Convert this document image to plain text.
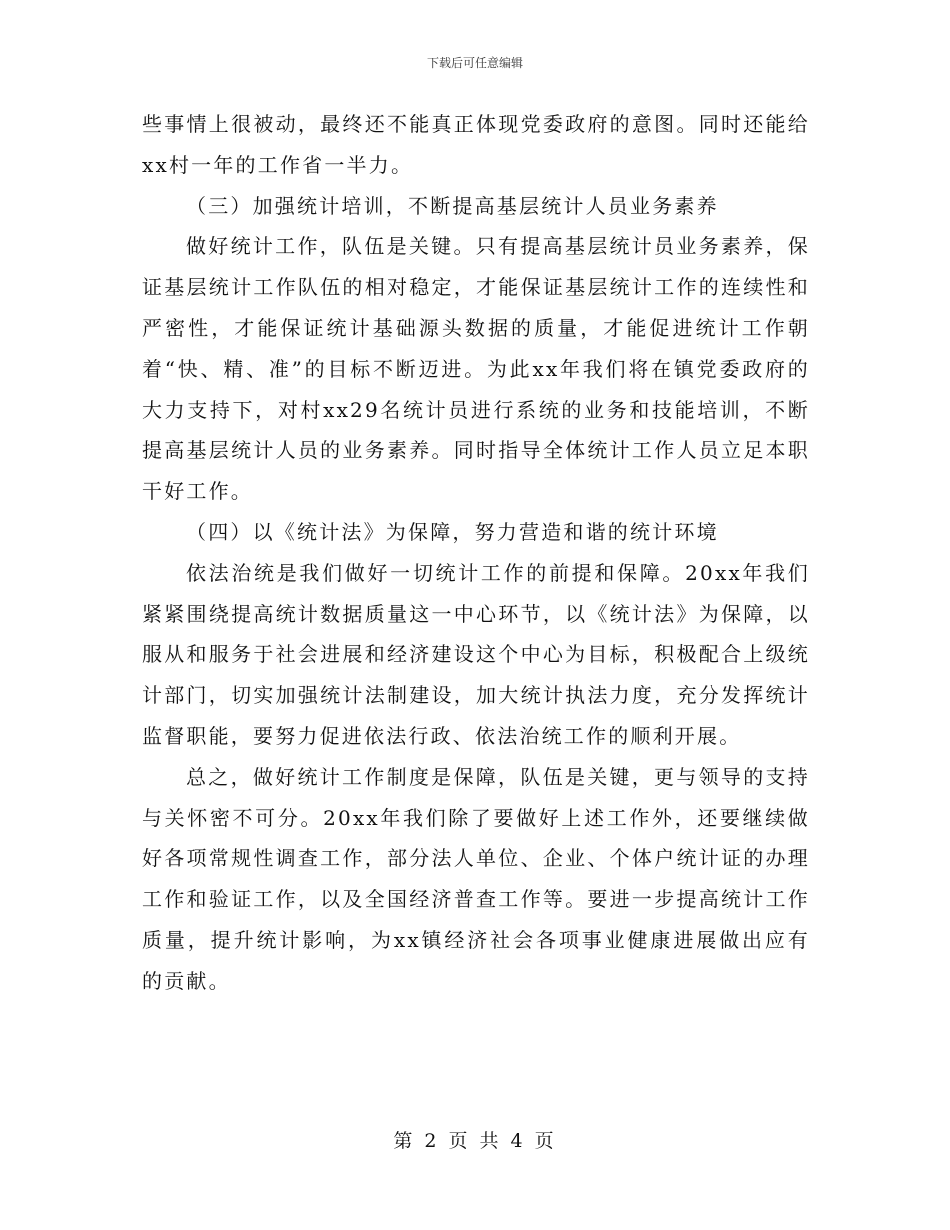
下载后可任意编辑

些事情上很被动，最终还不能真正体现党委政府的意图。同时还能给xx村一年的工作省一半力。

（三）加强统计培训，不断提高基层统计人员业务素养

做好统计工作，队伍是关键。只有提高基层统计员业务素养，保证基层统计工作队伍的相对稳定，才能保证基层统计工作的连续性和严密性，才能保证统计基础源头数据的质量，才能促进统计工作朝着“快、精、准”的目标不断迈进。为此xx年我们将在镇党委政府的大力支持下，对村xx29名统计员进行系统的业务和技能培训，不断提高基层统计人员的业务素养。同时指导全体统计工作人员立足本职干好工作。

（四）以《统计法》为保障，努力营造和谐的统计环境

依法治统是我们做好一切统计工作的前提和保障。20xx年我们紧紧围绕提高统计数据质量这一中心环节，以《统计法》为保障，以服从和服务于社会进展和经济建设这个中心为目标，积极配合上级统计部门，切实加强统计法制建设，加大统计执法力度，充分发挥统计监督职能，要努力促进依法行政、依法治统工作的顺利开展。

总之，做好统计工作制度是保障，队伍是关键，更与领导的支持与关怀密不可分。20xx年我们除了要做好上述工作外，还要继续做好各项常规性调查工作，部分法人单位、企业、个体户统计证的办理工作和验证工作，以及全国经济普查工作等。要进一步提高统计工作质量，提升统计影响，为xx镇经济社会各项事业健康进展做出应有的贡献。

第 2 页 共 4 页
